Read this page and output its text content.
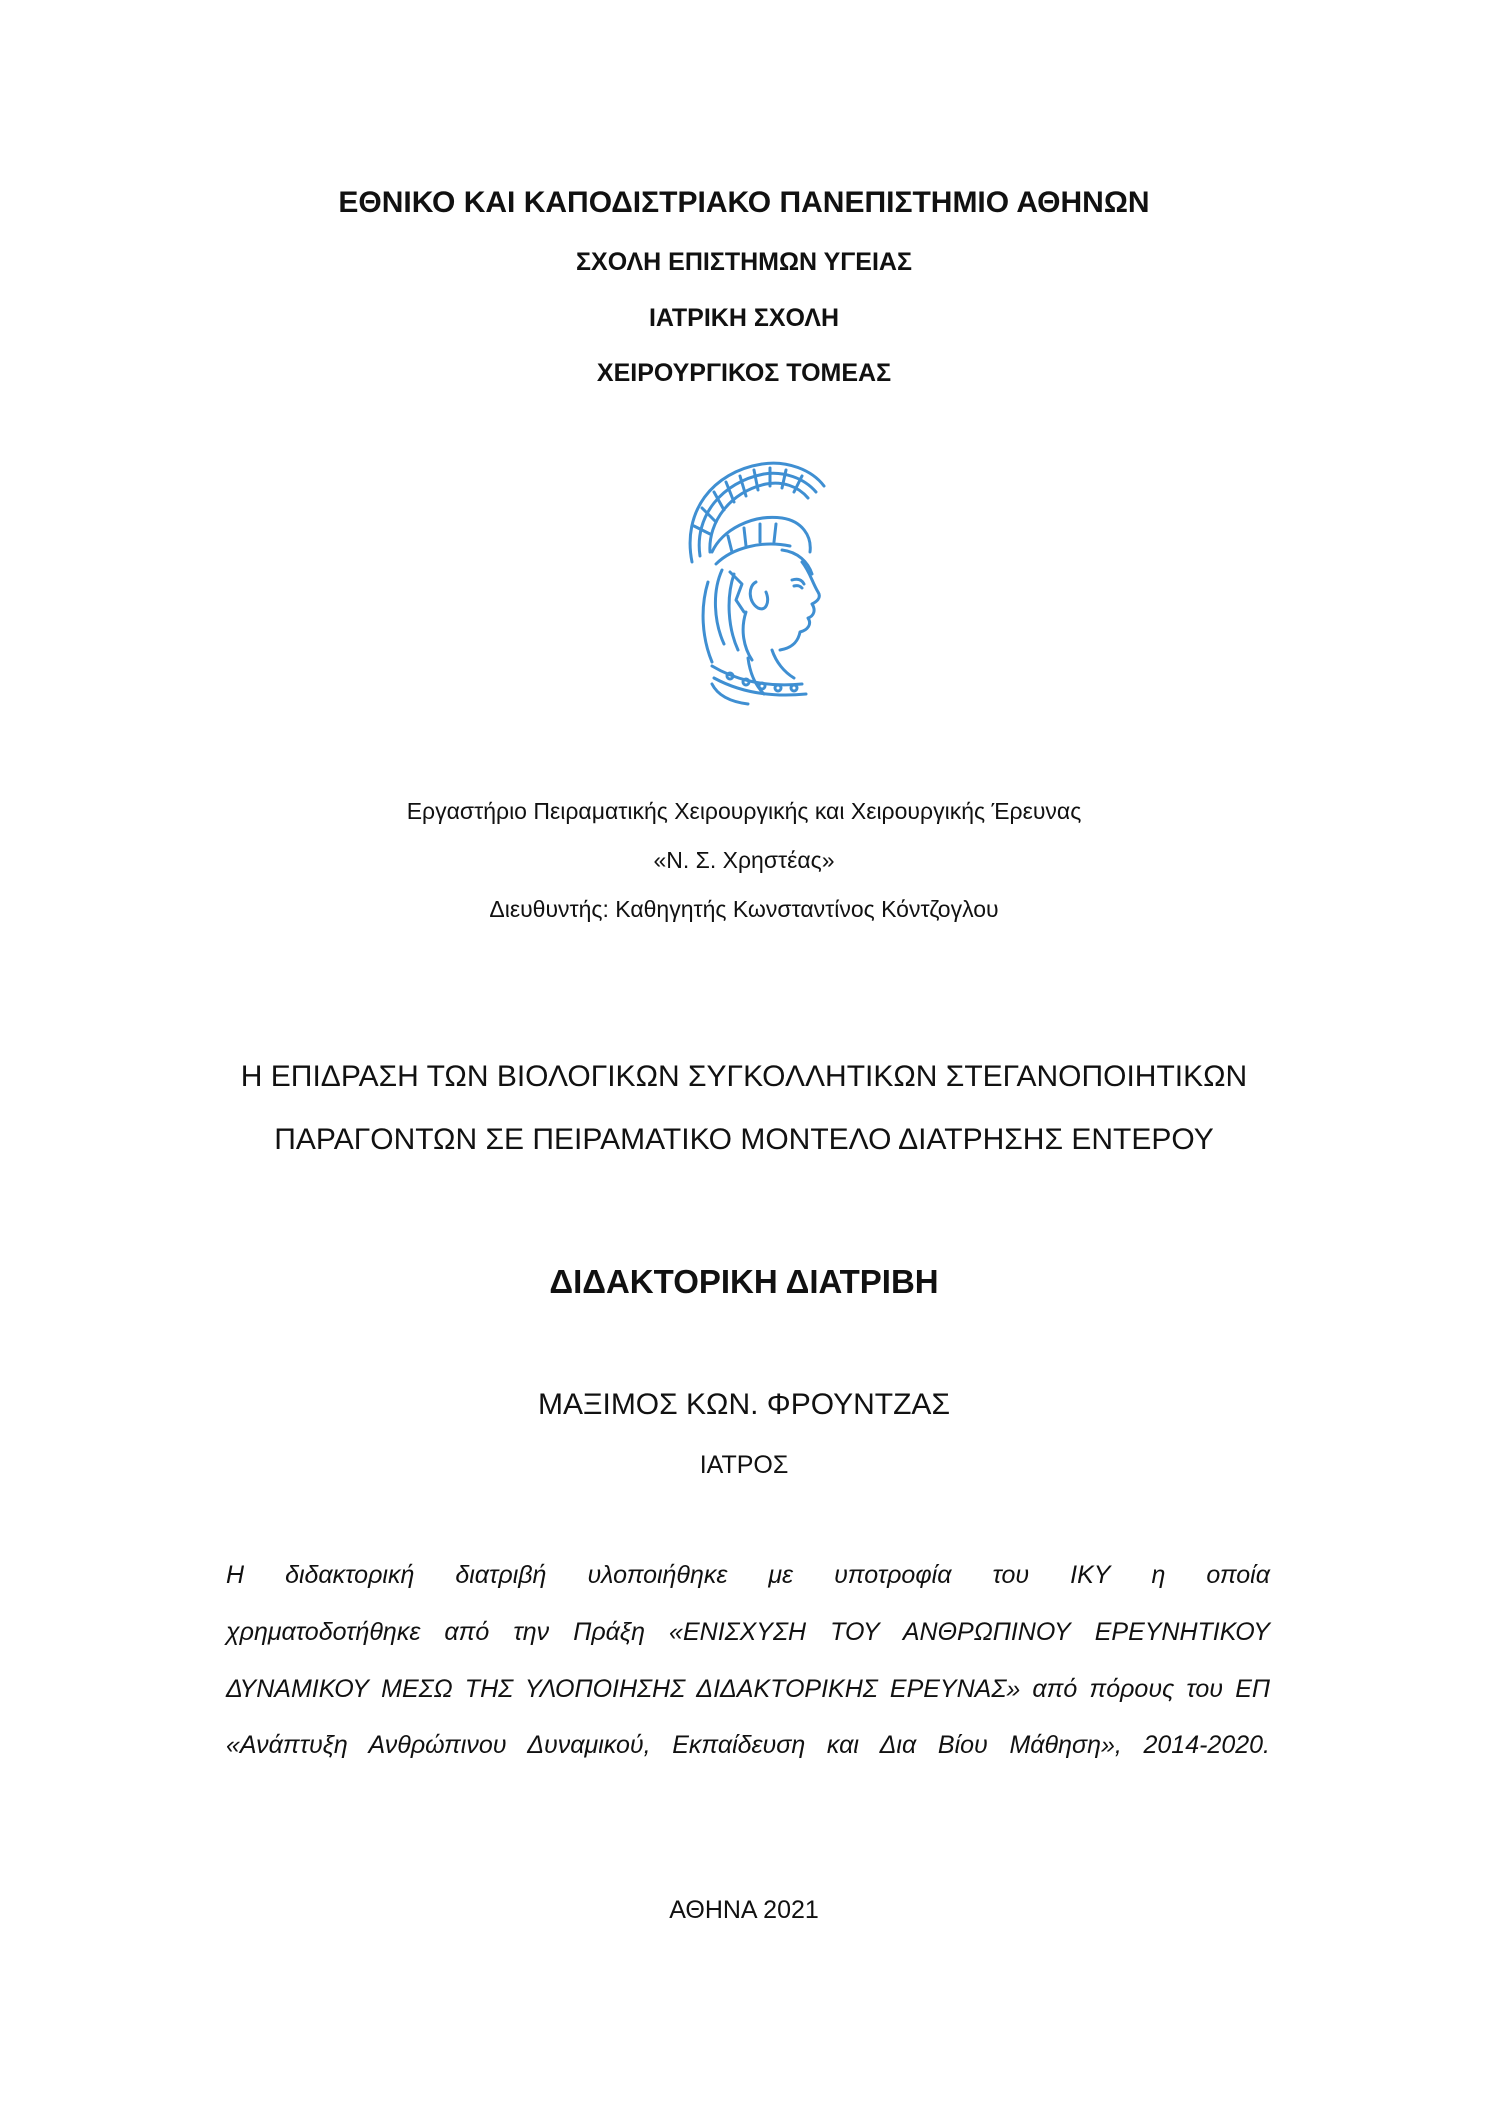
ΕΘΝΙΚΟ ΚΑΙ ΚΑΠΟΔΙΣΤΡΙΑΚΟ ΠΑΝΕΠΙΣΤΗΜΙΟ ΑΘΗΝΩΝ
ΣΧΟΛΗ ΕΠΙΣΤΗΜΩΝ ΥΓΕΙΑΣ
ΙΑΤΡΙΚΗ ΣΧΟΛΗ
ΧΕΙΡΟΥΡΓΙΚΟΣ ΤΟΜΕΑΣ
Εργαστήριο Πειραματικής Χειρουργικής και Χειρουργικής Έρευνας
«Ν. Σ. Χρηστέας»
Διευθυντής: Καθηγητής Κωνσταντίνος Κόντζογλου
Η ΕΠΙΔΡΑΣΗ ΤΩΝ ΒΙΟΛΟΓΙΚΩΝ ΣΥΓΚΟΛΛΗΤΙΚΩΝ ΣΤΕΓΑΝΟΠΟΙΗΤΙΚΩΝ
ΠΑΡΑΓΟΝΤΩΝ ΣΕ ΠΕΙΡΑΜΑΤΙΚΟ ΜΟΝΤΕΛΟ ΔΙΑΤΡΗΣΗΣ ΕΝΤΕΡΟΥ
ΔΙΔΑΚΤΟΡΙΚΗ ΔΙΑΤΡΙΒΗ
ΜΑΞΙΜΟΣ ΚΩΝ. ΦΡΟΥΝΤΖΑΣ
ΙΑΤΡΟΣ
Η διδακτορική διατριβή υλοποιήθηκε με υποτροφία του ΙΚΥ η οποία
χρηματοδοτήθηκε από την Πράξη «ΕΝΙΣΧΥΣΗ ΤΟΥ ΑΝΘΡΩΠΙΝΟΥ ΕΡΕΥΝΗΤΙΚΟΥ
ΔΥΝΑΜΙΚΟΥ ΜΕΣΩ ΤΗΣ ΥΛΟΠΟΙΗΣΗΣ ΔΙΔΑΚΤΟΡΙΚΗΣ ΕΡΕΥΝΑΣ» από πόρους του ΕΠ
«Ανάπτυξη Ανθρώπινου Δυναμικού, Εκπαίδευση και Δια Βίου Μάθηση», 2014-2020.
ΑΘΗΝΑ 2021
